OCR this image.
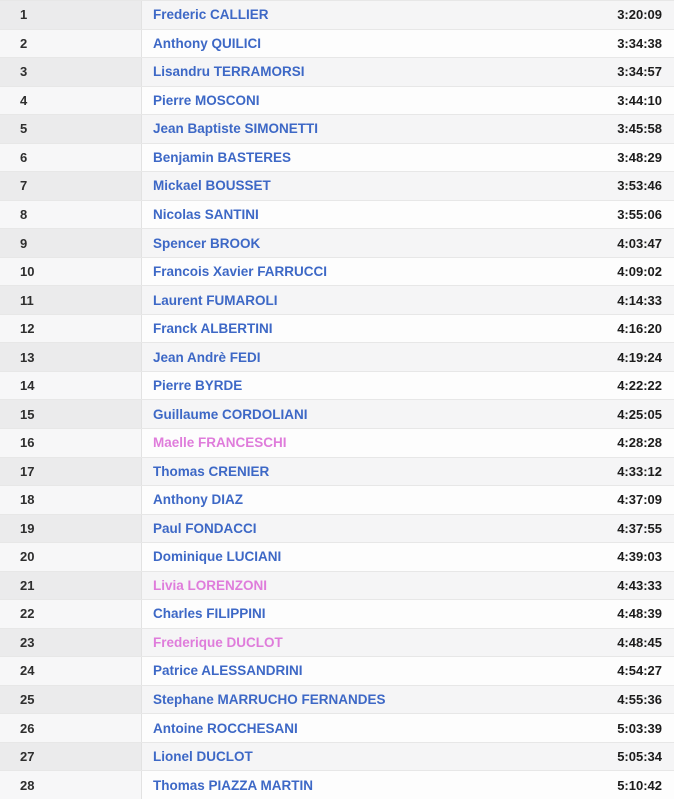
1	Frederic CALLIER	3:20:09
2	Anthony QUILICI	3:34:38
3	Lisandru TERRAMORSI	3:34:57
4	Pierre MOSCONI	3:44:10
5	Jean Baptiste SIMONETTI	3:45:58
6	Benjamin BASTERES	3:48:29
7	Mickael BOUSSET	3:53:46
8	Nicolas SANTINI	3:55:06
9	Spencer BROOK	4:03:47
10	Francois Xavier FARRUCCI	4:09:02
11	Laurent FUMAROLI	4:14:33
12	Franck ALBERTINI	4:16:20
13	Jean Andrè FEDI	4:19:24
14	Pierre BYRDE	4:22:22
15	Guillaume CORDOLIANI	4:25:05
16	Maelle FRANCESCHI	4:28:28
17	Thomas CRENIER	4:33:12
18	Anthony DIAZ	4:37:09
19	Paul FONDACCI	4:37:55
20	Dominique LUCIANI	4:39:03
21	Livia LORENZONI	4:43:33
22	Charles FILIPPINI	4:48:39
23	Frederique DUCLOT	4:48:45
24	Patrice ALESSANDRINI	4:54:27
25	Stephane MARRUCHO FERNANDES	4:55:36
26	Antoine ROCCHESANI	5:03:39
27	Lionel DUCLOT	5:05:34
28	Thomas PIAZZA MARTIN	5:10:42
